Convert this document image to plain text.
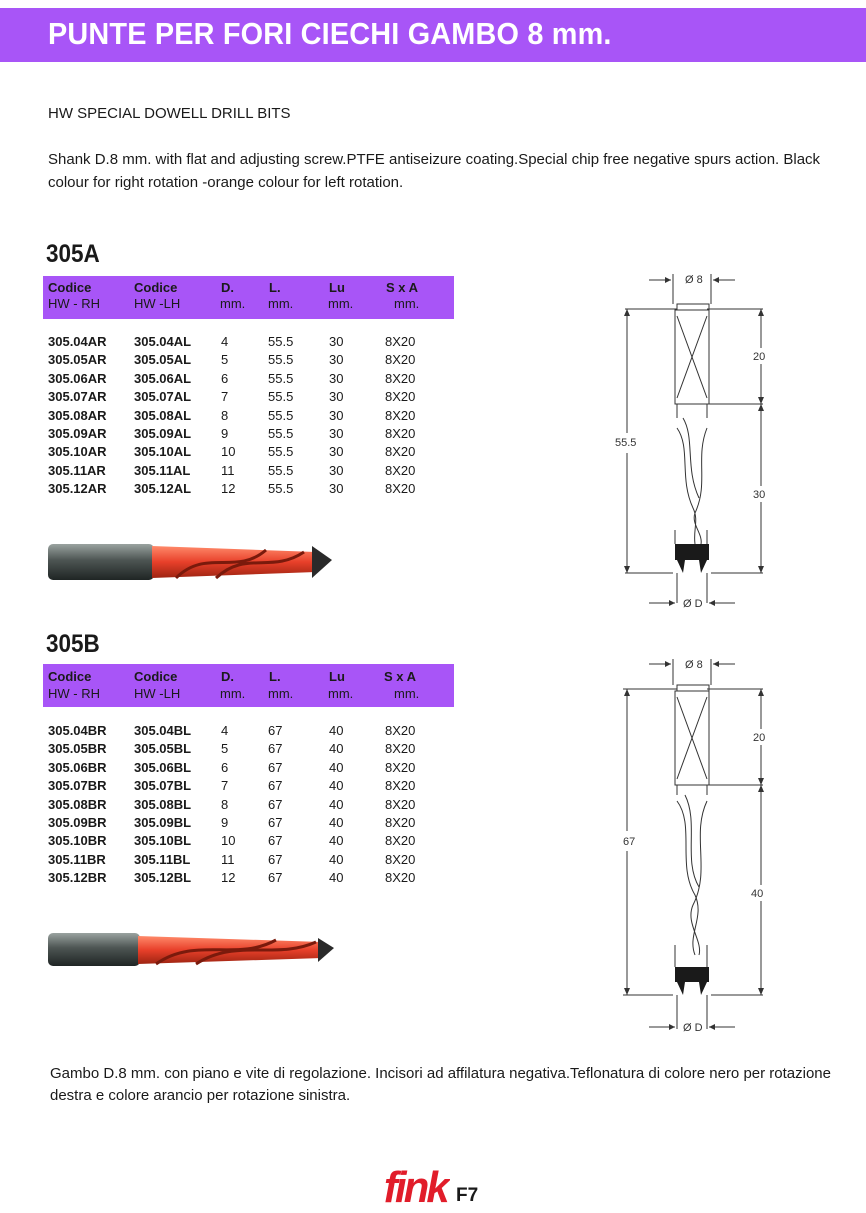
PUNTE PER FORI CIECHI GAMBO 8 mm.
HW SPECIAL DOWELL DRILL BITS
Shank D.8 mm. with flat and adjusting screw.PTFE antiseizure coating.Special chip free negative spurs action. Black colour for right rotation -orange colour for left rotation.
305A
Codice
HW - RH
Codice
HW -LH
D.
mm.
L.
mm.
Lu
mm.
S x A
mm.
305.04AR 305.04AL 4	55.5	30	8X20
305.05AR 305.05AL 5	55.5	30	8X20
305.06AR 305.06AL 6	55.5	30	8X20
305.07AR 305.07AL 7	55.5	30	8X20
305.08AR 305.08AL 8	55.5	30	8X20
305.09AR 305.09AL 9	55.5	30	8X20
305.10AR 305.10AL 10	55.5	30	8X20
305.11AR 305.11AL 11	55.5	30	8X20
305.12AR 305.12AL 12	55.5	30	8X20
Ø 8
55.5
20
30
Ø D
305B
Codice
HW - RH
Codice
HW -LH
D.
mm.
L.
mm.
Lu
mm.
S x A
mm.
305.04BR 305.04BL 4	67	40	8X20
305.05BR 305.05BL 5	67	40	8X20
305.06BR 305.06BL 6	67	40	8X20
305.07BR 305.07BL 7	67	40	8X20
305.08BR 305.08BL 8	67	40	8X20
305.09BR 305.09BL 9	67	40	8X20
305.10BR 305.10BL 10	67	40	8X20
305.11BR 305.11BL 11	67	40	8X20
305.12BR 305.12BL 12	67	40	8X20
Ø 8
67
20
40
Ø D
Gambo D.8 mm. con piano e vite di regolazione. Incisori ad affilatura negativa.Teflonatura di colore nero per rotazione destra e colore arancio per rotazione sinistra.
fink F7
